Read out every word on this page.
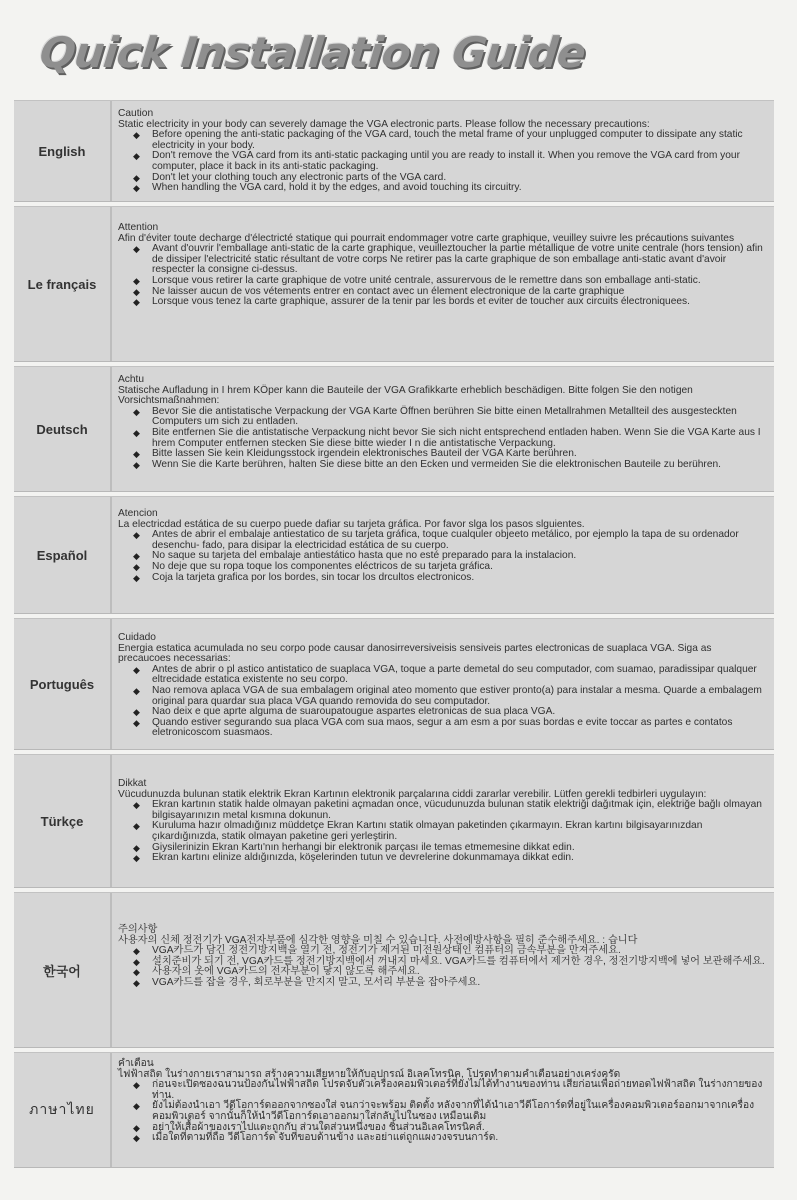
Quick Installation Guide
English
Caution
Static electricity in your body can severely damage the VGA electronic parts. Please follow the necessary precautions:
◆ Before opening the anti-static packaging of the VGA card, touch the metal frame of your unplugged computer to dissipate any static electricity in your body.
◆ Don't remove the VGA card from its anti-static packaging until you are ready to install it. When you remove the VGA card from your computer, place it back in its anti-static packaging.
◆ Don't let your clothing touch any electronic parts of the VGA card.
◆ When handling the VGA card, hold it by the edges, and avoid touching its circuitry.
Le français
Attention
Afin d'éviter toute decharge d'électricté statique qui pourrait endommager votre carte graphique, veuilley suivre les précautions suivantes
◆ Avant d'ouvrir l'emballage anti-static de la carte graphique, veuilleztoucher la partie métallique de votre unite centrale (hors tension) afin de dissiper l'electricité static résultant de votre corps Ne retirer pas la carte graphique de son emballage anti-static avant d'avoir respecter la consigne ci-dessus.
◆ Lorsque vous retirer la carte graphique de votre unité centrale, assurervous de le remettre dans son emballage anti-static.
◆ Ne laisser aucun de vos vétements entrer en contact avec un élement electronique de la carte graphique
◆ Lorsque vous tenez la carte graphique, assurer de la tenir par les bords et eviter de toucher aux circuits électroniquees.
Deutsch
Achtu
Statische Aufladung in I hrem KÖper kann die Bauteile der VGA Grafikkarte erheblich beschädigen. Bitte folgen Sie den notigen Vorsichtsmaßnahmen:
◆ Bevor Sie die antistatische Verpackung der VGA Karte Öffnen berühren Sie bitte einen Metallrahmen Metallteil des ausgesteckten Computers um sich zu entladen.
◆ Bite entfernen Sie die antistatische Verpackung nicht bevor Sie sich nicht entsprechend entladen haben. Wenn Sie die VGA Karte aus I hrem Computer entfernen stecken Sie diese bitte wieder I n die antistatische Verpackung.
◆ Bitte lassen Sie kein Kleidungsstock irgendein elektronisches Bauteil der VGA Karte berühren.
◆ Wenn Sie die Karte berühren, halten Sie diese bitte an den Ecken und vermeiden Sie die elektronischen Bauteile zu berühren.
Español
Atencion
La electricdad estática de su cuerpo puede dafiar su tarjeta gráfica. Por favor slga los pasos slguientes.
◆ Antes de abrir el embalaje antiestatico de su tarjeta gráfica, toque cualquler objeeto metálico, por ejemplo la tapa de su ordenador desenchu- fado, para disipar la electricidad estática de su cuerpo.
◆ No saque su tarjeta del embalaje antiestático hasta que no esté preparado para la instalacion.
◆ No deje que su ropa toque los componentes eléctricos de su tarjeta gráfica.
◆ Coja la tarjeta grafica por los bordes, sin tocar los drcultos electronicos.
Português
Cuidado
Energia estatica acumulada no seu corpo pode causar danosirreversiveisis sensiveis partes electronicas de suaplaca VGA. Siga as precaucoes necessarias:
◆ Antes de abrir o pl astico antistatico de suaplaca VGA, toque a parte demetal do seu computador, com suamao, paradissipar qualquer eltrecidade estatica existente no seu corpo.
◆ Nao remova aplaca VGA de sua embalagem original ateo momento que estiver pronto(a) para instalar a mesma. Quarde a embalagem original para quardar sua placa VGA quando removida do seu computador.
◆ Nao deix e que aprte alguma de suaroupatougue aspartes eletronicas de sua placa VGA.
◆ Quando estiver segurando sua placa VGA com sua maos, segur a am esm a por suas bordas e evite toccar as partes e contatos eletronicoscom suasmaos.
Türkçe
Dikkat
Vücudunuzda bulunan statik elektrik Ekran Kartının elektronik parçalarına ciddi zararlar verebilir. Lütfen gerekli tedbirleri uygulayın:
◆ Ekran kartının statik halde olmayan paketini açmadan once, vücudunuzda bulunan statik elektriği dağıtmak için, elektriğe bağlı olmayan bilgisayarınızın metal kısmına dokunun.
◆ Kuruluma hazır olmadığınız müddetçe Ekran Kartını statik olmayan paketinden çıkarmayın. Ekran kartını bilgisayarınızdan çıkardığınızda, statik olmayan paketine geri yerleştirin.
◆ Giysilerinizin Ekran Kartı'nın herhangi bir elektronik parçası ile temas etmemesine dikkat edin.
◆ Ekran kartını elinize aldığınızda, köşelerinden tutun ve devrelerine dokunmamaya dikkat edin.
한국어
주의사항
사용자의 신체 정전기가 VGA전자부품에 심각한 영향을 미칠 수 있습니다. 사전예방사항을 필히 준수해주세요. : 습니다
◆ VGA카드가 담긴 정전기방지백을 열기 전, 정전기가 제거된 미전원상태인 컴퓨터의 금속부분을 만져주세요.
◆ 설치준비가 되기 전, VGA카드를 정전기방지백에서 꺼내지 마세요. VGA카드를 컴퓨터에서 제거한 경우, 정전기방지백에 넣어 보관해주세요.
◆ 사용자의 옷에 VGA카드의 전자부분이 닿지 않도록 해주세요.
◆ VGA카드를 잡을 경우, 회로부분을 만지지 말고, 모서리 부분을 잡아주세요.
ภาษาไทย
คำเตือน
ไฟฟ้าสถิต ในร่างกายเราสามารถ สร้างความเสียหายให้กับอุปกรณ์ อิเลคโทรนิค, โปรดทำตามคำเตือนอย่างเคร่งครัด
◆ ก่อนจะเปิดซองฉนวนป้องกันไฟฟ้าสถิต โปรดจับตัวเครื่องคอมพิวเตอร์ที่ยังไม่ได้ทำงานของท่าน เสียก่อนเพื่อถ่ายทอดไฟฟ้าสถิต ในร่างกายของท่าน.
◆ ยังไม่ต้องนำเอา วีดีโอการ์ดออกจากซองใส่ จนกว่าจะพร้อม ติดตั้ง หลังจากที่ได้นำเอาวีดีโอการ์ดที่อยู่ในเครื่องคอมพิวเตอร์ออกมาจากเครื่องคอมพิวเตอร์ จากนั้นก็ให้นำวีดีโอการ์ดเอาออกมาใส่กลับไปในซอง เหมือนเดิม
◆ อย่าให้เสื้อผ้าของเราไปแตะถูกกับ ส่วนใดส่วนหนึ่งของ ชิ้นส่วนอิเลคโทรนิคส์.
◆ เมื่อใดที่ตามที่ถือ วีดีโอการ์ด จับที่ขอบด้านข้าง และอย่าแต่ถูกแผงวงจรบนการ์ด.
